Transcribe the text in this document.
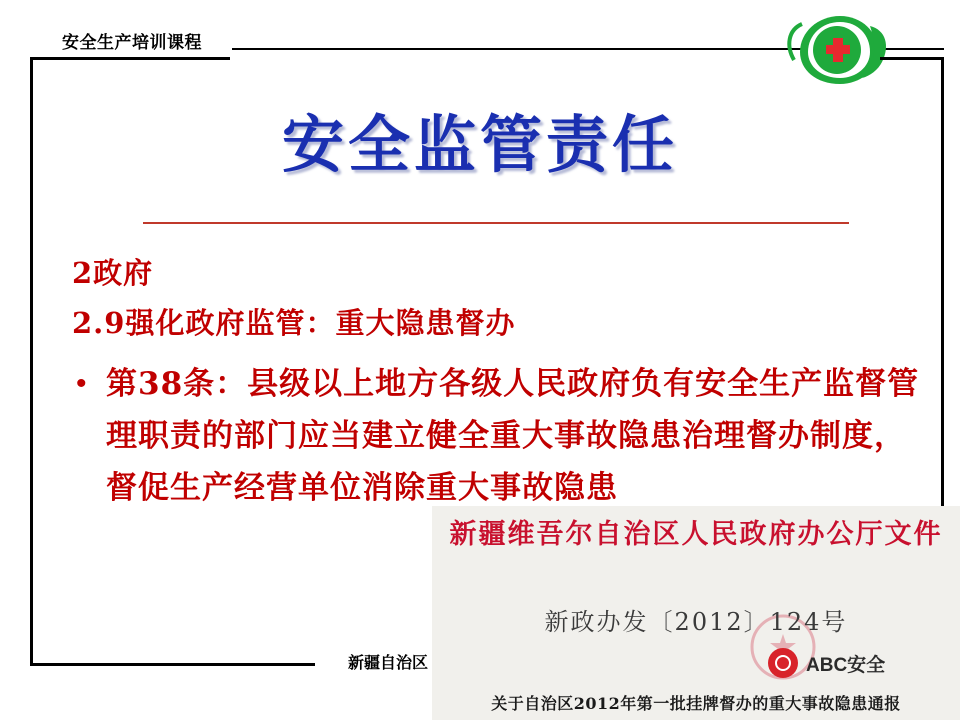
安全生产培训课程
安全监管责任

2政府

2.9强化政府监管：重大隐患督办

• 第38条：县级以上地方各级人民政府负有安全生产监督管理职责的部门应当建立健全重大事故隐患治理督办制度，督促生产经营单位消除重大事故隐患
新疆自治区
新疆维吾尔自治区人民政府办公厅文件
新政办发〔2012〕124号
关于自治区2012年第一批挂牌督办的重大事故隐患通报
ABC安全
